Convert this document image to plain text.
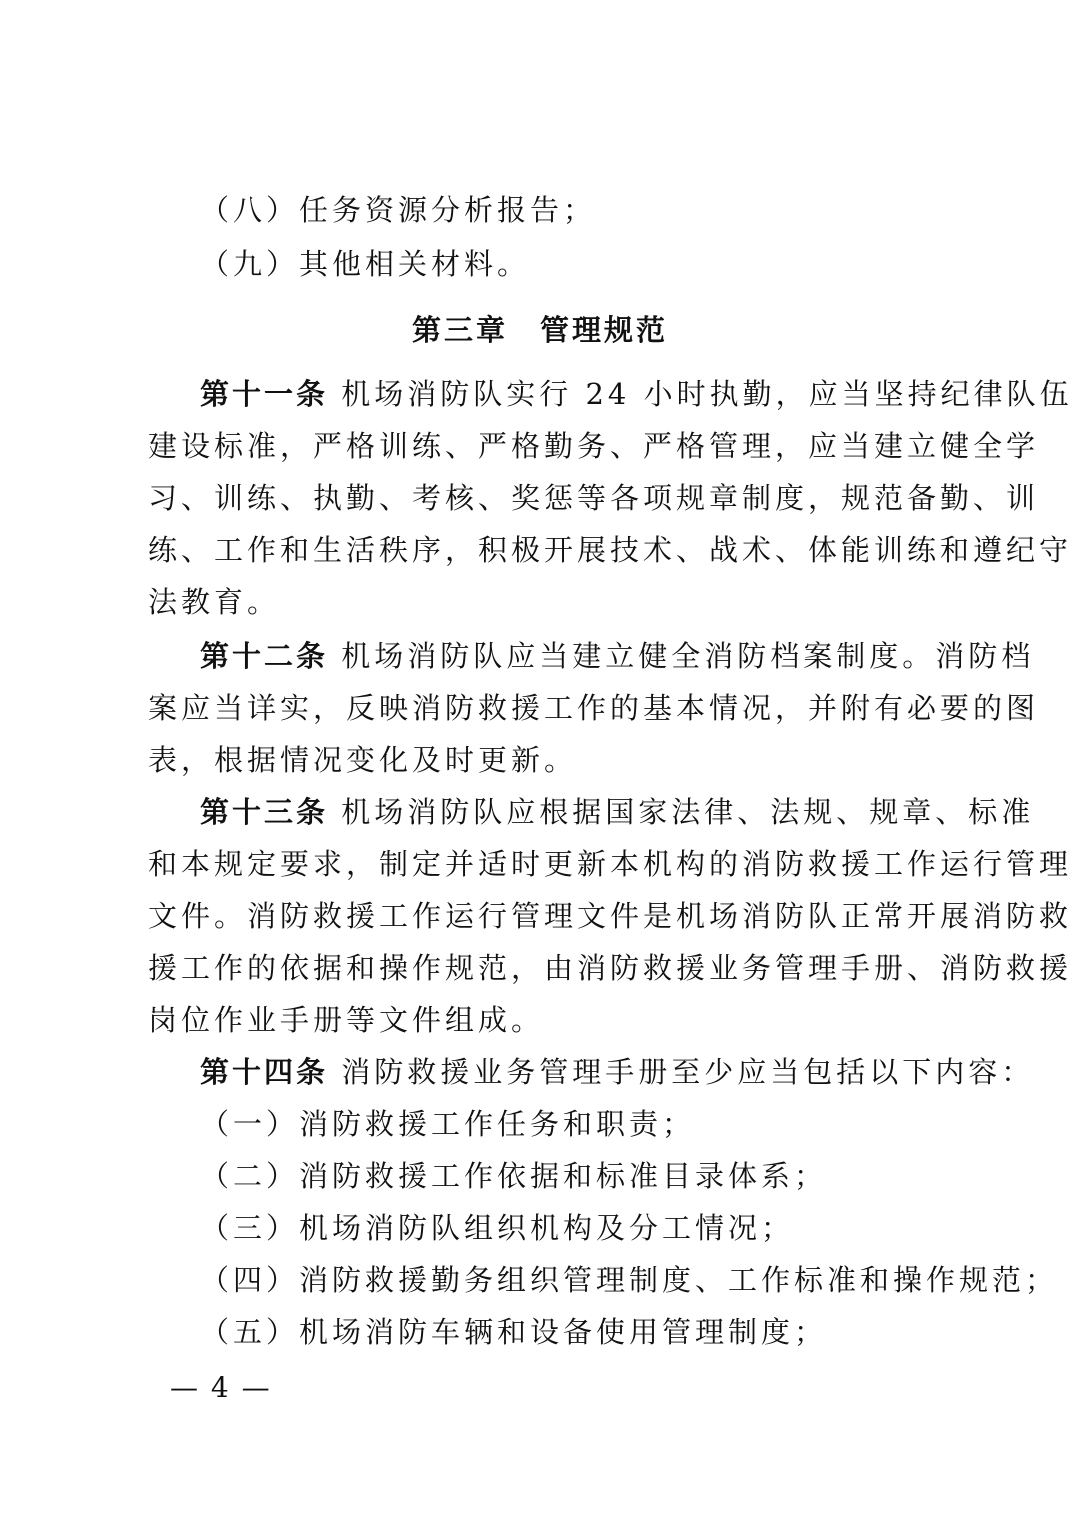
（八）任务资源分析报告；
（九）其他相关材料。
第三章 管理规范
第十一条 机场消防队实行 24 小时执勤，应当坚持纪律队伍
建设标准，严格训练、严格勤务、严格管理，应当建立健全学
习、训练、执勤、考核、奖惩等各项规章制度，规范备勤、训
练、工作和生活秩序，积极开展技术、战术、体能训练和遵纪守
法教育。
第十二条 机场消防队应当建立健全消防档案制度。消防档
案应当详实，反映消防救援工作的基本情况，并附有必要的图
表，根据情况变化及时更新。
第十三条 机场消防队应根据国家法律、法规、规章、标准
和本规定要求，制定并适时更新本机构的消防救援工作运行管理
文件。消防救援工作运行管理文件是机场消防队正常开展消防救
援工作的依据和操作规范，由消防救援业务管理手册、消防救援
岗位作业手册等文件组成。
第十四条 消防救援业务管理手册至少应当包括以下内容：
（一）消防救援工作任务和职责；
（二）消防救援工作依据和标准目录体系；
（三）机场消防队组织机构及分工情况；
（四）消防救援勤务组织管理制度、工作标准和操作规范；
（五）机场消防车辆和设备使用管理制度；
— 4 —
